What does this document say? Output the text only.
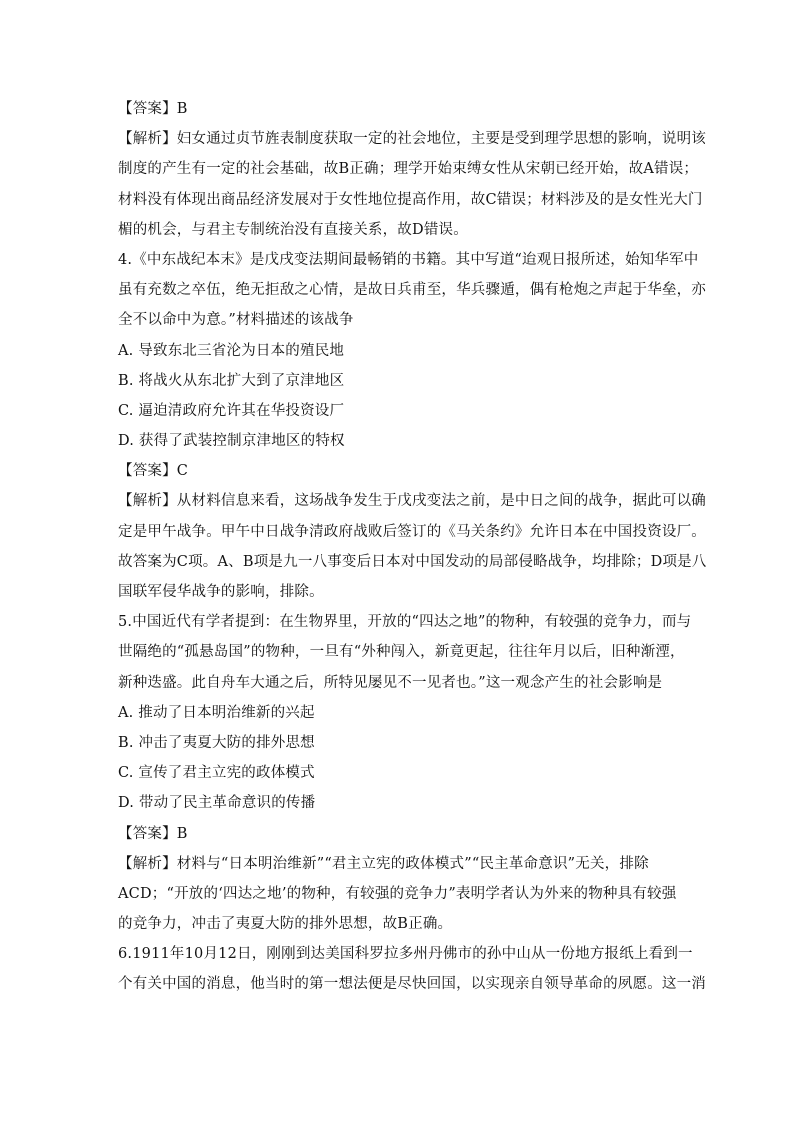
【答案】B
【解析】妇女通过贞节旌表制度获取一定的社会地位，主要是受到理学思想的影响，说明该
制度的产生有一定的社会基础，故B正确；理学开始束缚女性从宋朝已经开始，故A错误；
材料没有体现出商品经济发展对于女性地位提高作用，故C错误；材料涉及的是女性光大门
楣的机会，与君主专制统治没有直接关系，故D错误。
4.《中东战纪本末》是戊戌变法期间最畅销的书籍。其中写道“迨观日报所述，始知华军中
虽有充数之卒伍，绝无拒敌之心情，是故日兵甫至，华兵骤遁，偶有枪炮之声起于华垒，亦
全不以命中为意。”材料描述的该战争
A. 导致东北三省沦为日本的殖民地
B. 将战火从东北扩大到了京津地区
C. 逼迫清政府允许其在华投资设厂
D. 获得了武装控制京津地区的特权
【答案】C
【解析】从材料信息来看，这场战争发生于戊戌变法之前，是中日之间的战争，据此可以确
定是甲午战争。甲午中日战争清政府战败后签订的《马关条约》允许日本在中国投资设厂。
故答案为C项。A、B项是九一八事变后日本对中国发动的局部侵略战争，均排除；D项是八
国联军侵华战争的影响，排除。
5.中国近代有学者提到：在生物界里，开放的“四达之地”的物种，有较强的竞争力，而与
世隔绝的“孤悬岛国”的物种，一旦有“外种闯入，新竟更起，往往年月以后，旧种渐湮，
新种迭盛。此自舟车大通之后，所特见屡见不一见者也。”这一观念产生的社会影响是
A. 推动了日本明治维新的兴起
B. 冲击了夷夏大防的排外思想
C. 宣传了君主立宪的政体模式
D. 带动了民主革命意识的传播
【答案】B
【解析】材料与“日本明治维新”“君主立宪的政体模式”“民主革命意识”无关，排除
ACD；“开放的‘四达之地’的物种，有较强的竞争力”表明学者认为外来的物种具有较强
的竞争力，冲击了夷夏大防的排外思想，故B正确。
6.1911年10月12日，刚刚到达美国科罗拉多州丹佛市的孙中山从一份地方报纸上看到一
个有关中国的消息，他当时的第一想法便是尽快回国，以实现亲自领导革命的夙愿。这一消
